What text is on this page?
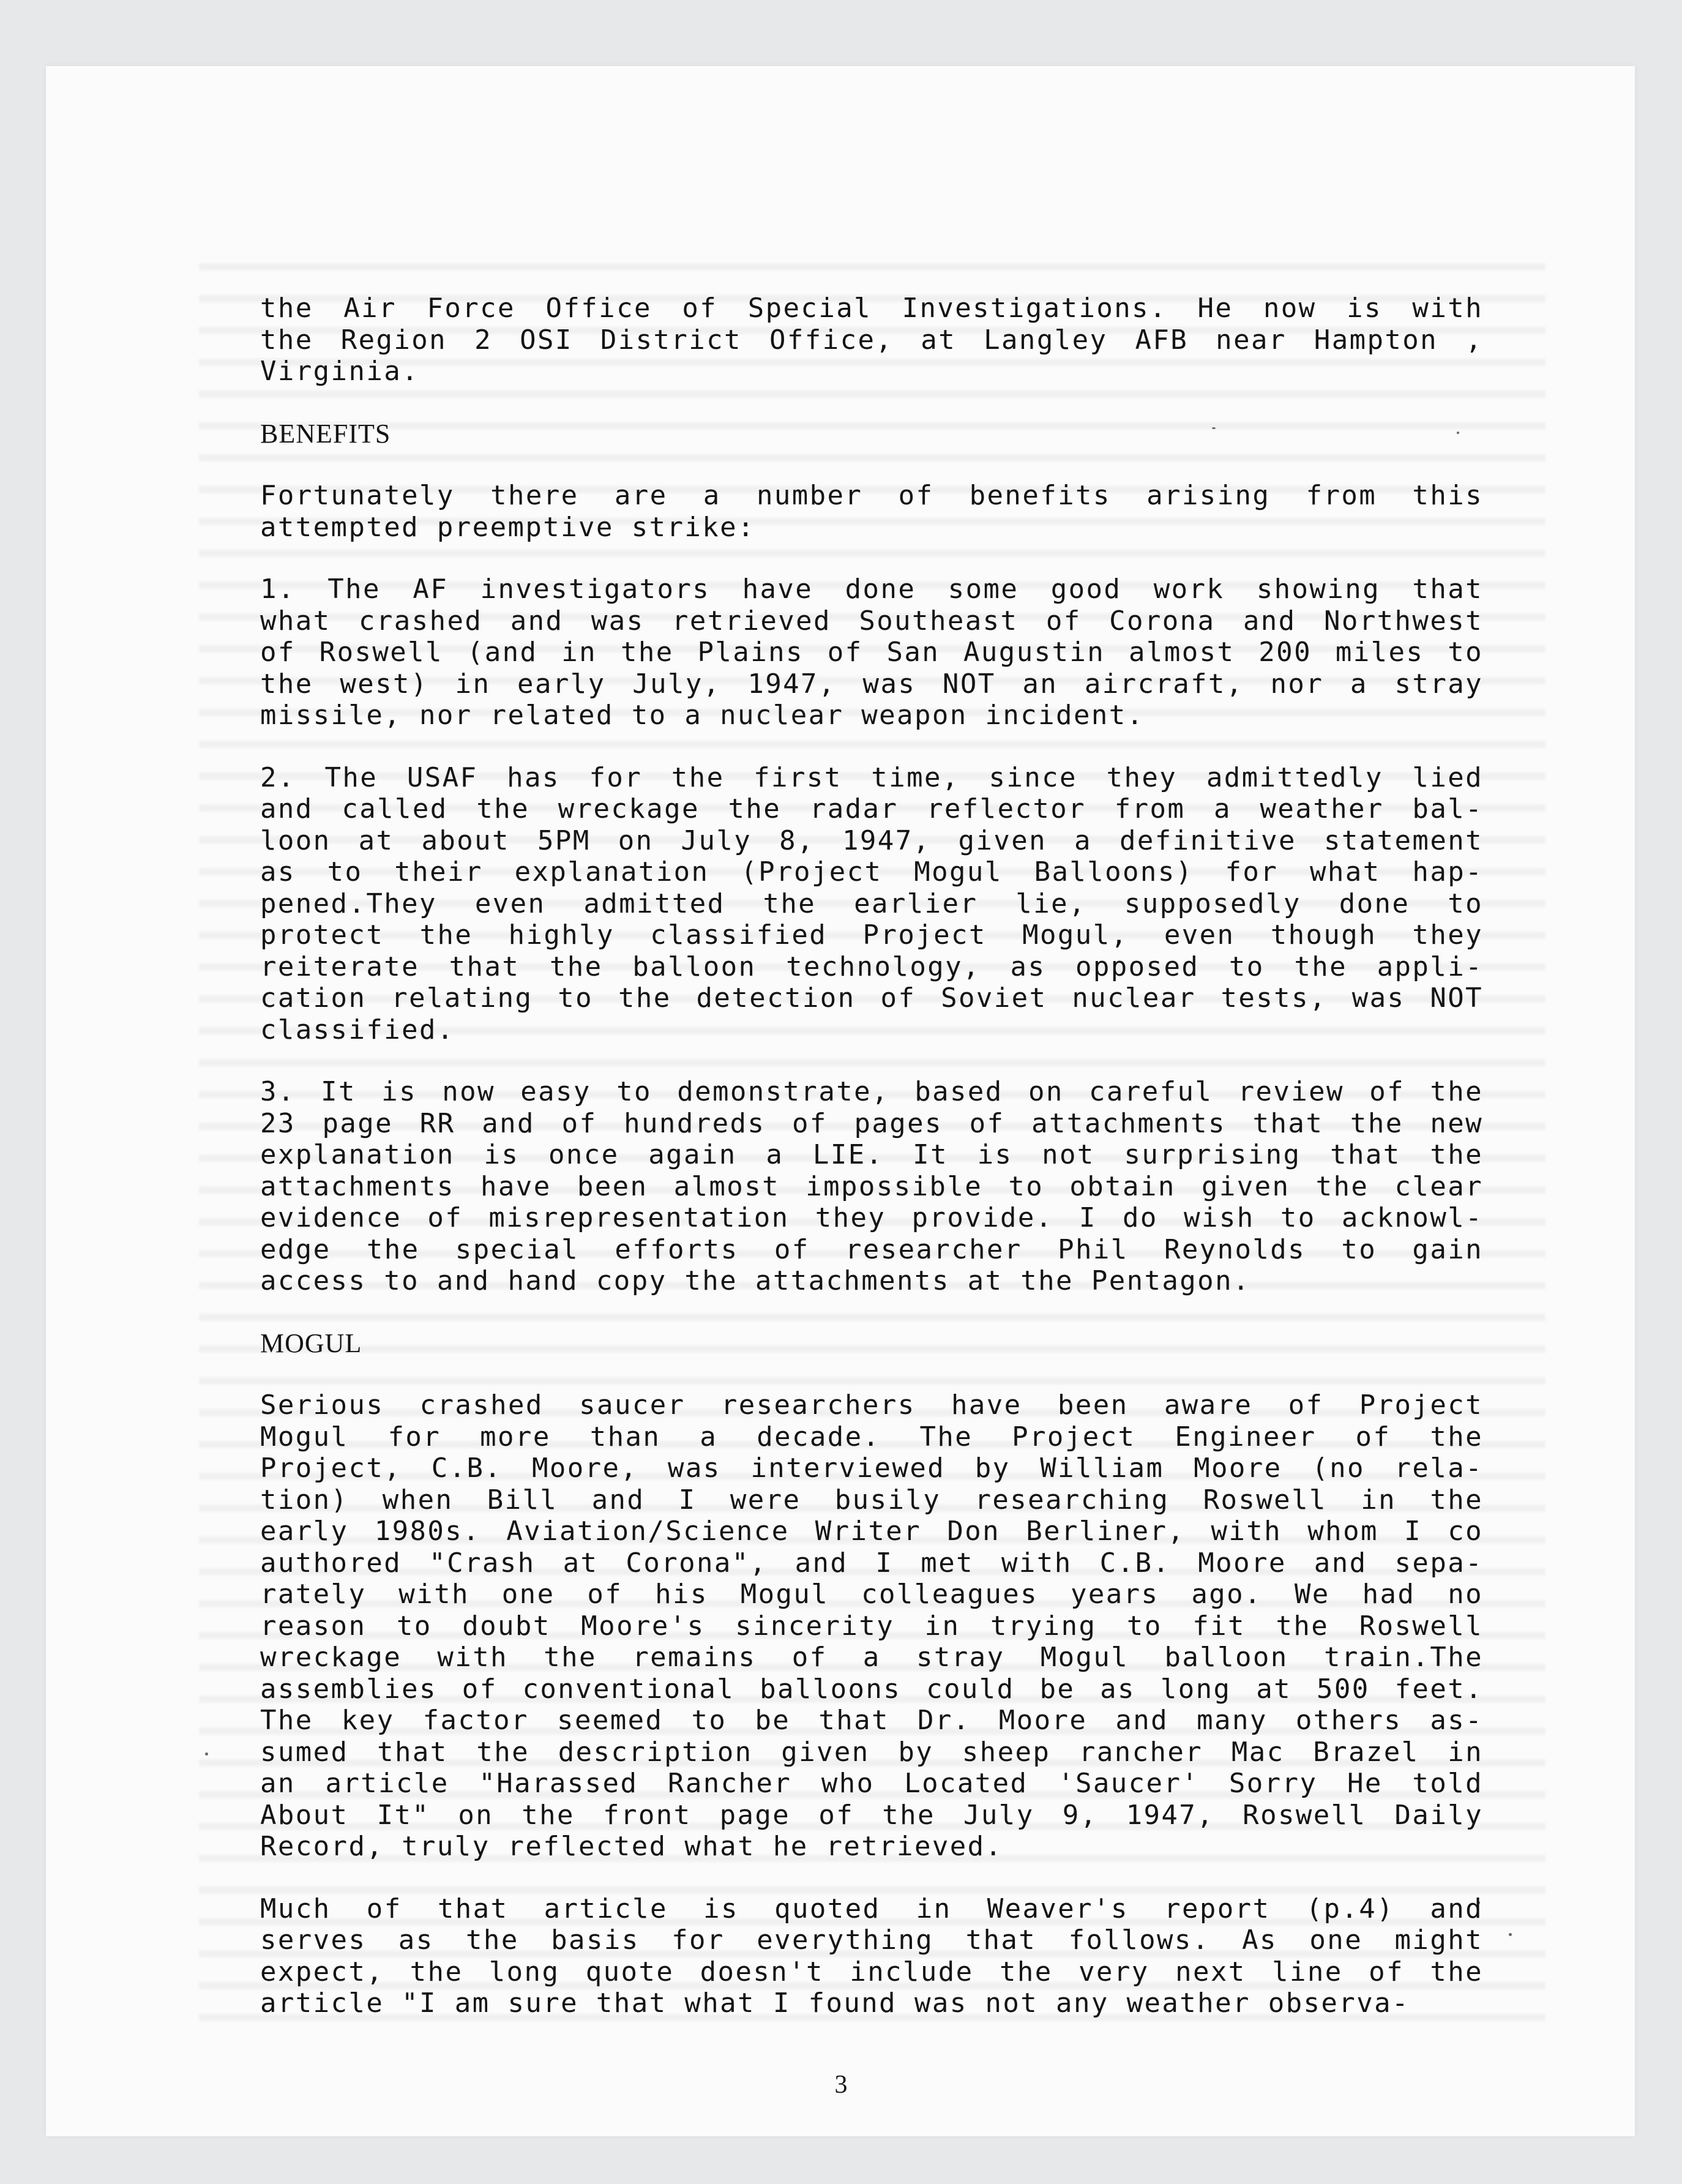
the Air Force Office of Special Investigations. He now is with
the Region 2 OSI District Office, at Langley AFB near Hampton ,
Virginia.
BENEFITS
Fortunately there are a number of benefits arising from this
attempted preemptive strike:
1. The AF investigators have done some good work showing that
what crashed and was retrieved Southeast of Corona and Northwest
of Roswell (and in the Plains of San Augustin almost 200 miles to
the west) in early July, 1947, was NOT an aircraft, nor a stray
missile, nor related to a nuclear weapon incident.
2. The USAF has for the first time, since they admittedly lied
and called the wreckage the radar reflector from a weather bal-
loon at about 5PM on July 8, 1947, given a definitive statement
as to their explanation (Project Mogul Balloons) for what hap-
pened.They even admitted the earlier lie, supposedly done to
protect the highly classified Project Mogul, even though they
reiterate that the balloon technology, as opposed to the appli-
cation relating to the detection of Soviet nuclear tests, was NOT
classified.
3. It is now easy to demonstrate, based on careful review of the
23 page RR and of hundreds of pages of attachments that the new
explanation is once again a LIE. It is not surprising that the
attachments have been almost impossible to obtain given the clear
evidence of misrepresentation they provide. I do wish to acknowl-
edge the special efforts of researcher Phil Reynolds to gain
access to and hand copy the attachments at the Pentagon.
MOGUL
Serious crashed saucer researchers have been aware of Project
Mogul for more than a decade. The Project Engineer of the
Project, C.B. Moore, was interviewed by William Moore (no rela-
tion) when Bill and I were busily researching Roswell in the
early 1980s. Aviation/Science Writer Don Berliner, with whom I co
authored "Crash at Corona", and I met with C.B. Moore and sepa-
rately with one of his Mogul colleagues years ago. We had no
reason to doubt Moore's sincerity in trying to fit the Roswell
wreckage with the remains of a stray Mogul balloon train.The
assemblies of conventional balloons could be as long at 500 feet.
The key factor seemed to be that Dr. Moore and many others as-
sumed that the description given by sheep rancher Mac Brazel in
an article "Harassed Rancher who Located 'Saucer' Sorry He told
About It" on the front page of the July 9, 1947, Roswell Daily
Record, truly reflected what he retrieved.
Much of that article is quoted in Weaver's report (p.4) and
serves as the basis for everything that follows. As one might
expect, the long quote doesn't include the very next line of the
article "I am sure that what I found was not any weather observa-
3
